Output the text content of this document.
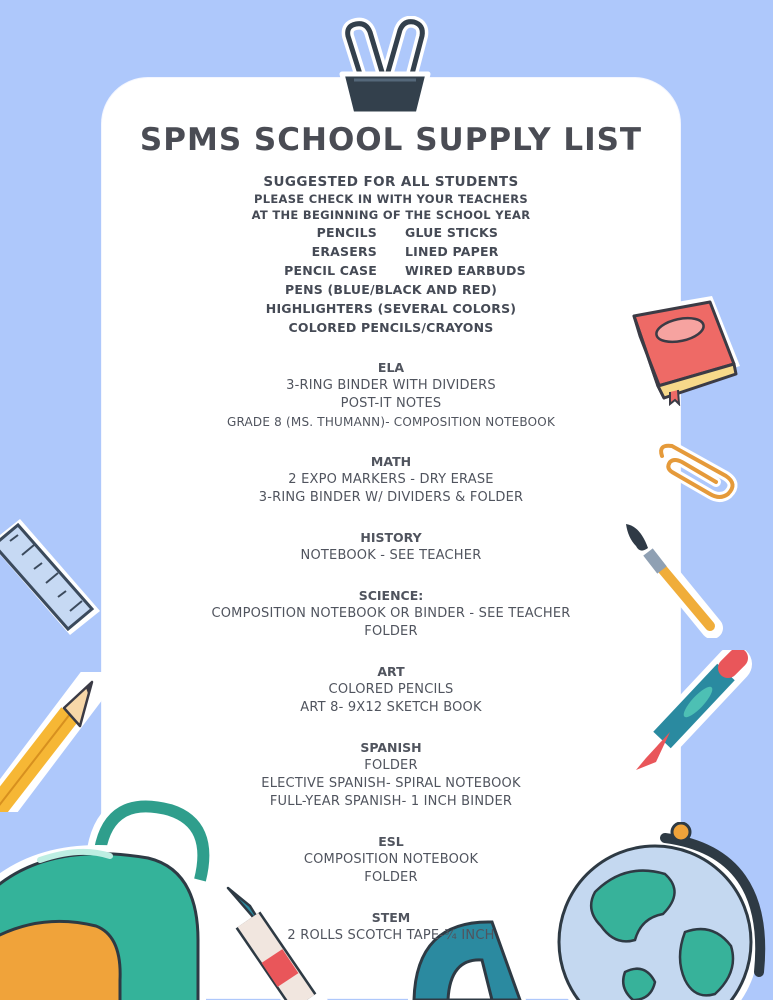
SPMS SCHOOL SUPPLY LIST
SUGGESTED FOR ALL STUDENTS
PLEASE CHECK IN WITH YOUR TEACHERS
AT THE BEGINNING OF THE SCHOOL YEAR
PENCILS	GLUE STICKS
ERASERS	LINED PAPER
PENCIL CASE	WIRED EARBUDS
PENS (BLUE/BLACK AND RED)
HIGHLIGHTERS (SEVERAL COLORS)
COLORED PENCILS/CRAYONS
ELA
3-RING BINDER WITH DIVIDERS
POST-IT NOTES
GRADE 8 (MS. THUMANN)- COMPOSITION NOTEBOOK
MATH
2 EXPO MARKERS - DRY ERASE
3-RING BINDER W/ DIVIDERS & FOLDER
HISTORY
NOTEBOOK - SEE TEACHER
SCIENCE:
COMPOSITION NOTEBOOK OR BINDER - SEE TEACHER
FOLDER
ART
COLORED PENCILS
ART 8- 9X12 SKETCH BOOK
SPANISH
FOLDER
ELECTIVE SPANISH- SPIRAL NOTEBOOK
FULL-YEAR SPANISH- 1 INCH BINDER
ESL
COMPOSITION NOTEBOOK
FOLDER
STEM
2 ROLLS SCOTCH TAPE-¾ INCH
